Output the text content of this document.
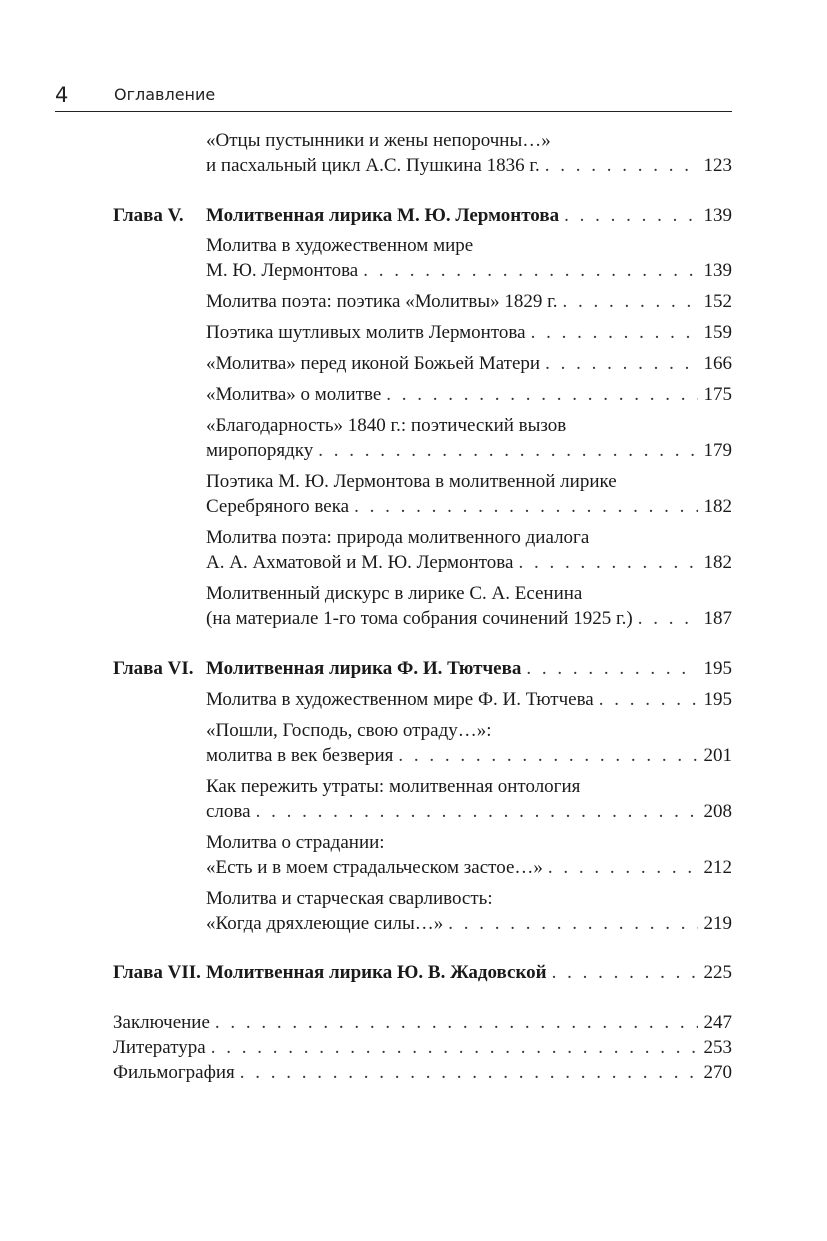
4	Оглавление
«Отцы пустынники и жены непорочны…»
и пасхальный цикл А.С. Пушкина 1836 г. . . .	123
Глава V. Молитвенная лирика М. Ю. Лермонтова . . .	139
Молитва в художественном мире
М. Ю. Лермонтова . . .	139
Молитва поэта: поэтика «Молитвы» 1829 г. . . .	152
Поэтика шутливых молитв Лермонтова . . .	159
«Молитва» перед иконой Божьей Матери . . .	166
«Молитва» о молитве . . .	175
«Благодарность» 1840 г.: поэтический вызов
миропорядку . . .	179
Поэтика М. Ю. Лермонтова в молитвенной лирике
Серебряного века . . .	182
Молитва поэта: природа молитвенного диалога
А. А. Ахматовой и М. Ю. Лермонтова . . .	182
Молитвенный дискурс в лирике С. А. Есенина
(на материале 1-го тома собрания сочинений 1925 г.) . . .	187
Глава VI. Молитвенная лирика Ф. И. Тютчева . . .	195
Молитва в художественном мире Ф. И. Тютчева . . .	195
«Пошли, Господь, свою отраду…»:
молитва в век безверия . . .	201
Как пережить утраты: молитвенная онтология
слова . . .	208
Молитва о страдании:
«Есть и в моем страдальческом застое…» . . .	212
Молитва и старческая сварливость:
«Когда дряхлеющие силы…» . . .	219
Глава VII. Молитвенная лирика Ю. В. Жадовской . . .	225
Заключение . . .	247
Литература . . .	253
Фильмография . . .	270
